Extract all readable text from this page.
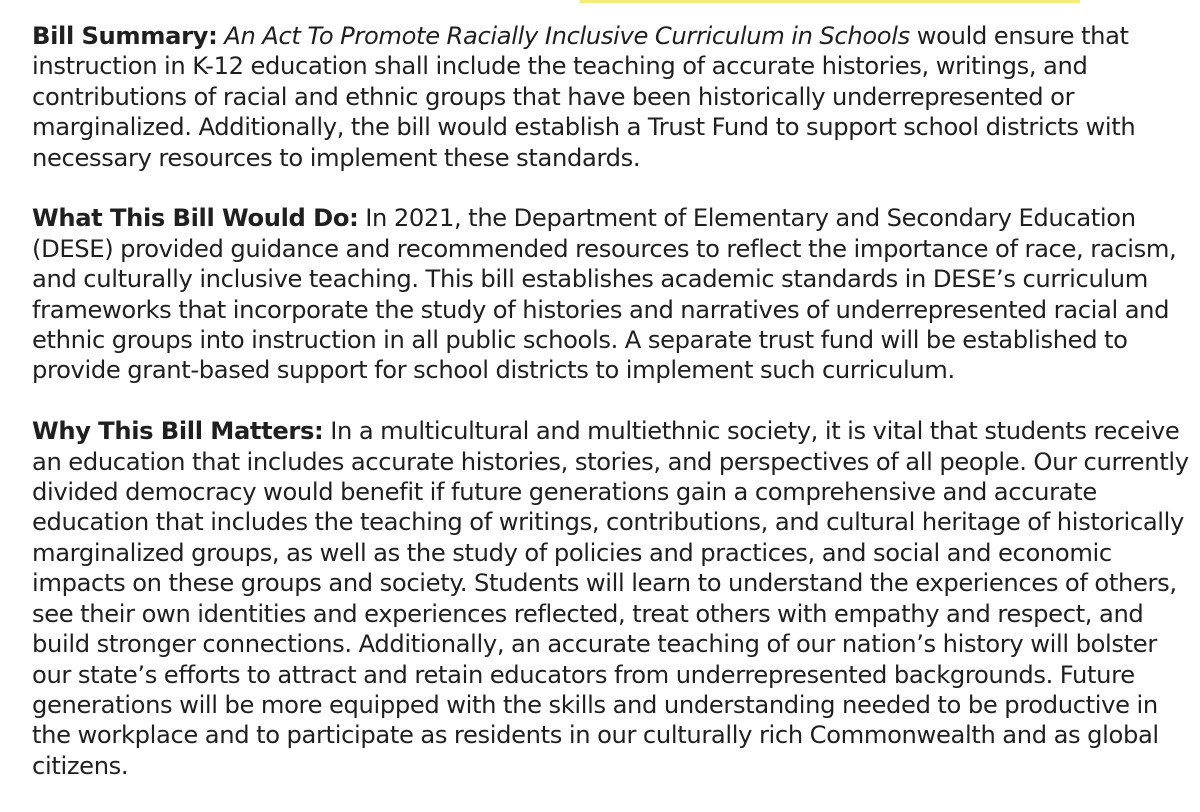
Bill Summary: An Act To Promote Racially Inclusive Curriculum in Schools would ensure that instruction in K-12 education shall include the teaching of accurate histories, writings, and contributions of racial and ethnic groups that have been historically underrepresented or marginalized. Additionally, the bill would establish a Trust Fund to support school districts with necessary resources to implement these standards.

What This Bill Would Do: In 2021, the Department of Elementary and Secondary Education (DESE) provided guidance and recommended resources to reflect the importance of race, racism, and culturally inclusive teaching. This bill establishes academic standards in DESE’s curriculum frameworks that incorporate the study of histories and narratives of underrepresented racial and ethnic groups into instruction in all public schools. A separate trust fund will be established to provide grant-based support for school districts to implement such curriculum.

Why This Bill Matters: In a multicultural and multiethnic society, it is vital that students receive an education that includes accurate histories, stories, and perspectives of all people. Our currently divided democracy would benefit if future generations gain a comprehensive and accurate education that includes the teaching of writings, contributions, and cultural heritage of historically marginalized groups, as well as the study of policies and practices, and social and economic impacts on these groups and society. Students will learn to understand the experiences of others, see their own identities and experiences reflected, treat others with empathy and respect, and build stronger connections. Additionally, an accurate teaching of our nation’s history will bolster our state’s efforts to attract and retain educators from underrepresented backgrounds. Future generations will be more equipped with the skills and understanding needed to be productive in the workplace and to participate as residents in our culturally rich Commonwealth and as global citizens.
